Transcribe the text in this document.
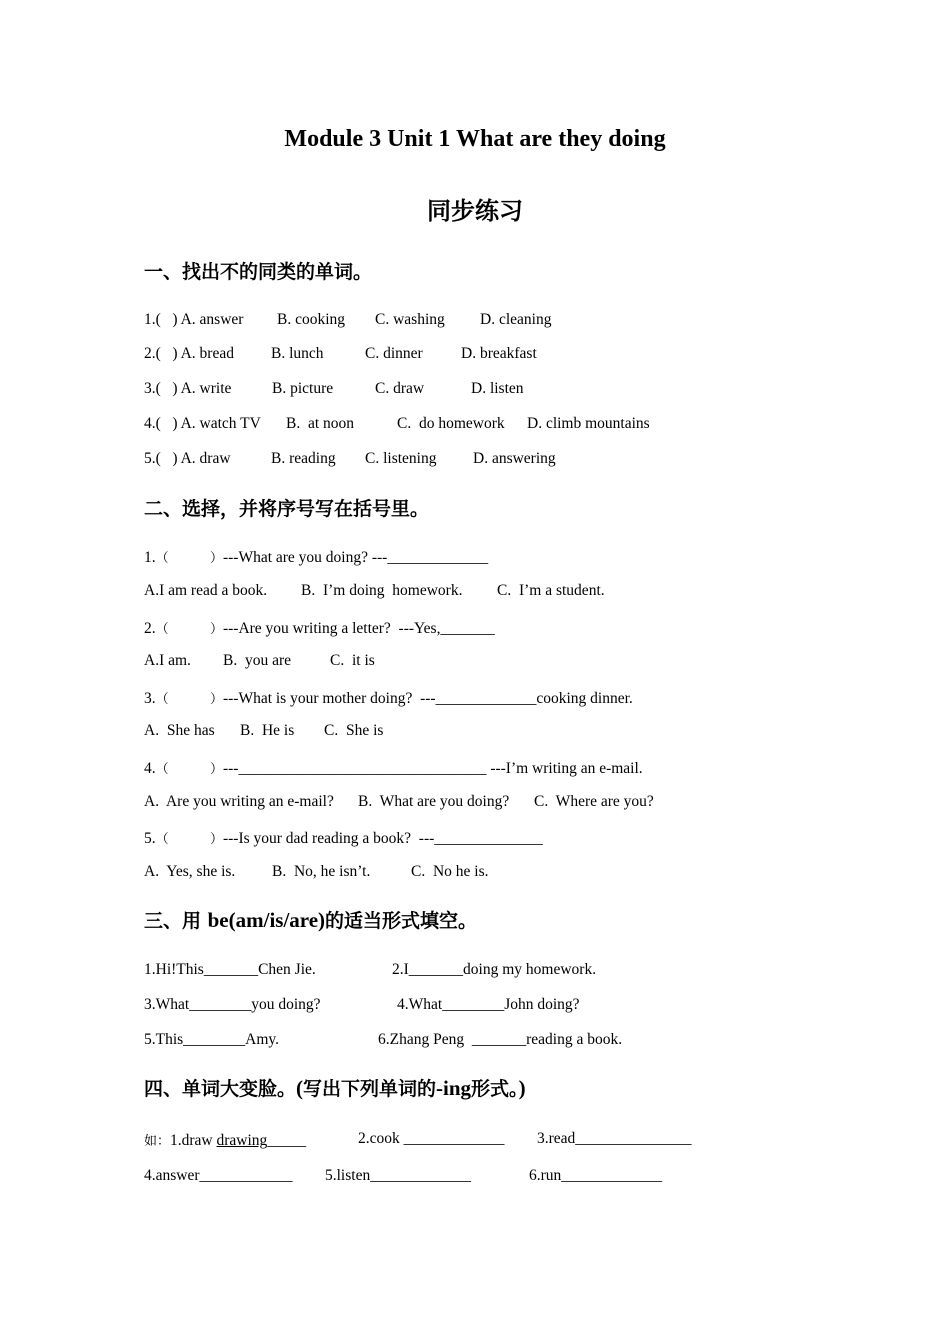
Module 3 Unit 1 What are they doing
同步练习
一、找出不的同类的单词。
1.(   ) A. answer B. cooking C. washing D. cleaning
2.(   ) A. bread B. lunch	C. dinner D. breakfast
3.(   ) A. write	B. picture	C. draw	D. listen
4.(   ) A. watch TV B.  at noon	C.  do homework D. climb mountains
5.(   ) A. draw	B. reading C. listening D. answering
二、选择，并将序号写在括号里。
1.（          ）---What are you doing? ---_____________
A.I am read a book. B.  I’m doing  homework. C.  I’m a student.
2.（          ）---Are you writing a letter?  ---Yes,_______
A.I am. B.  you are	C.  it is
3.（          ）---What is your mother doing?  ---_____________cooking dinner.
A.  She has B.  He is C.  She is
4.（          ）---________________________________ ---I’m writing an e-mail.
A.  Are you writing an e-mail? B.  What are you doing? C.  Where are you?
5.（          ）---Is your dad reading a book?  ---______________
A.  Yes, she is. B.  No, he isn’t.	C.  No he is.
三、用 be(am/is/are)的适当形式填空。
1.Hi!This_______Chen Jie.	2.I_______doing my homework.
3.What________you doing?	4.What________John doing?
5.This________Amy.	6.Zhang Peng  _______reading a book.
四、单词大变脸。(写出下列单词的-ing形式。)
如：1.draw drawing_____	2.cook _____________ 3.read_______________
4.answer____________ 5.listen_____________	6.run_____________
